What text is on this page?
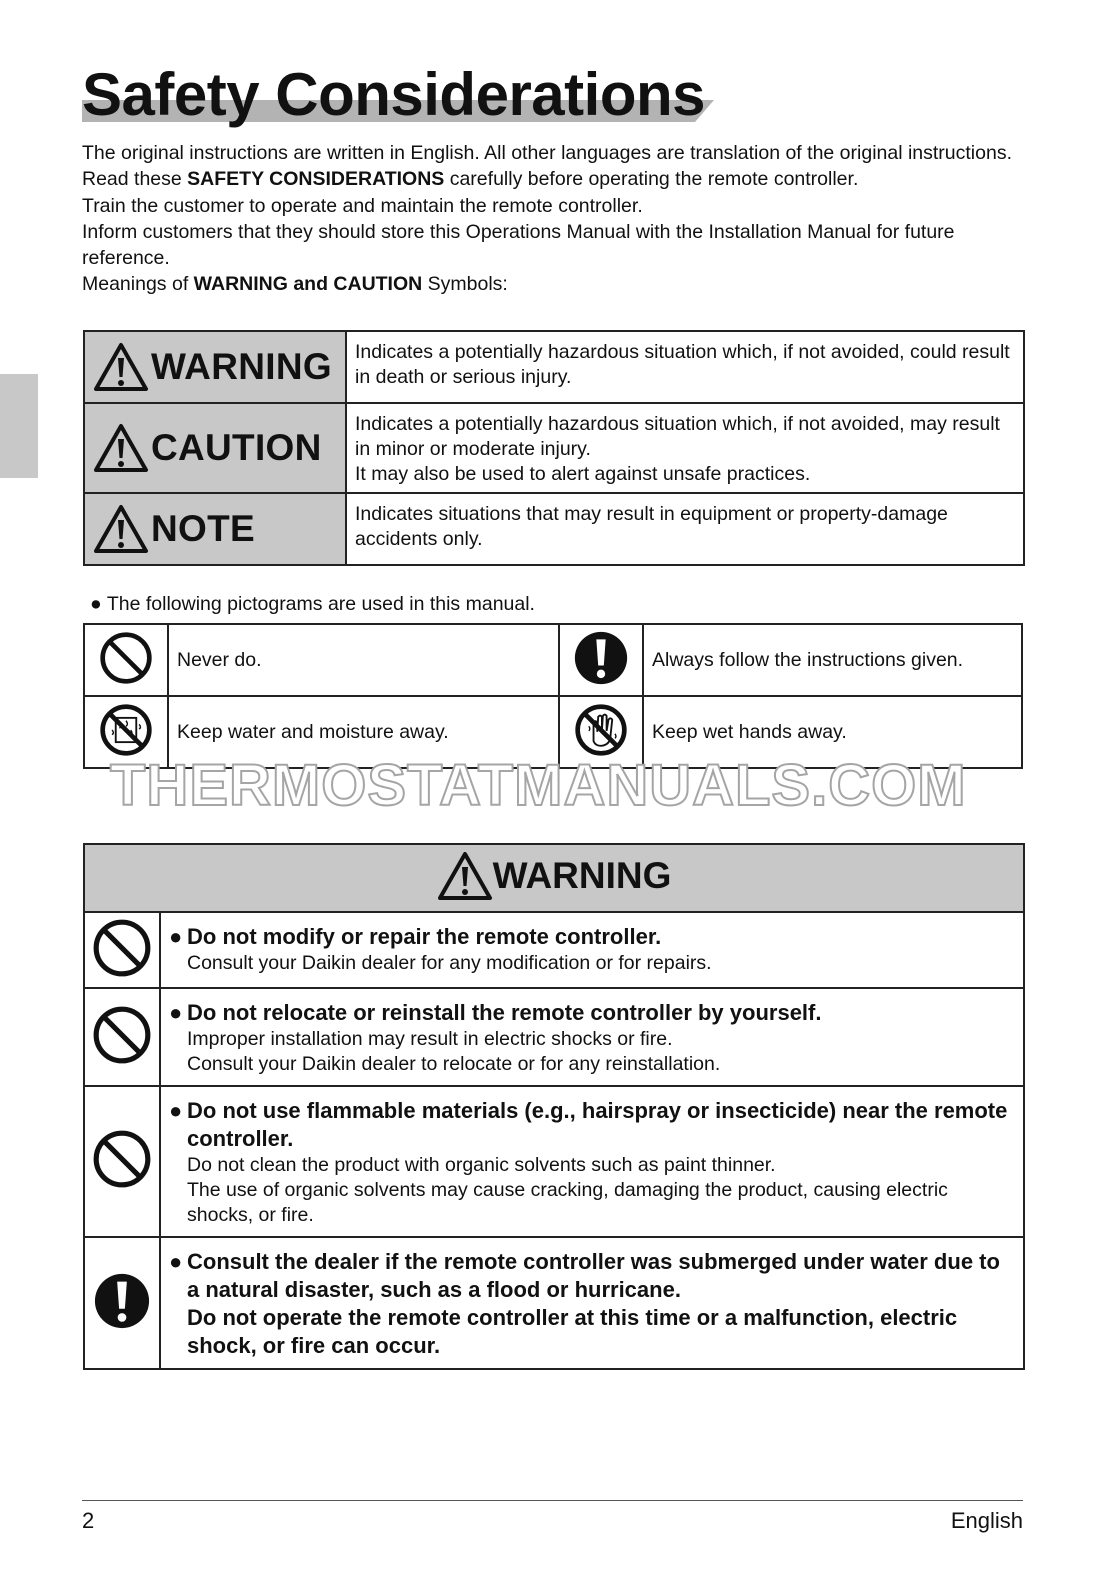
Safety Considerations

The original instructions are written in English. All other languages are translation of the original instructions.

Read these SAFETY CONSIDERATIONS carefully before operating the remote controller.

Train the customer to operate and maintain the remote controller.

Inform customers that they should store this Operations Manual with the Installation Manual for future reference.

Meanings of WARNING and CAUTION Symbols:

WARNING	Indicates a potentially hazardous situation which, if not avoided, could result in death or serious injury.

CAUTION	Indicates a potentially hazardous situation which, if not avoided, may result in minor or moderate injury.
It may also be used to alert against unsafe practices.

NOTE	Indicates situations that may result in equipment or property-damage accidents only.
● The following pictograms are used in this manual.
	Never do.		Always follow the instructions given.
	Keep water and moisture away.		Keep wet hands away.
THERMOSTATMANUALS.COM
WARNING	

● Do not modify or repair the remote controller.
Consult your Daikin dealer for any modification or for repairs.

● Do not relocate or reinstall the remote controller by yourself.
Improper installation may result in electric shocks or fire.
Consult your Daikin dealer to relocate or for any reinstallation.

● Do not use flammable materials (e.g., hairspray or insecticide) near the remote controller.
Do not clean the product with organic solvents such as paint thinner.
The use of organic solvents may cause cracking, damaging the product, causing electric shocks, or fire.

● Consult the dealer if the remote controller was submerged under water due to a natural disaster, such as a flood or hurricane.
Do not operate the remote controller at this time or a malfunction, electric shock, or fire can occur.
2	English
